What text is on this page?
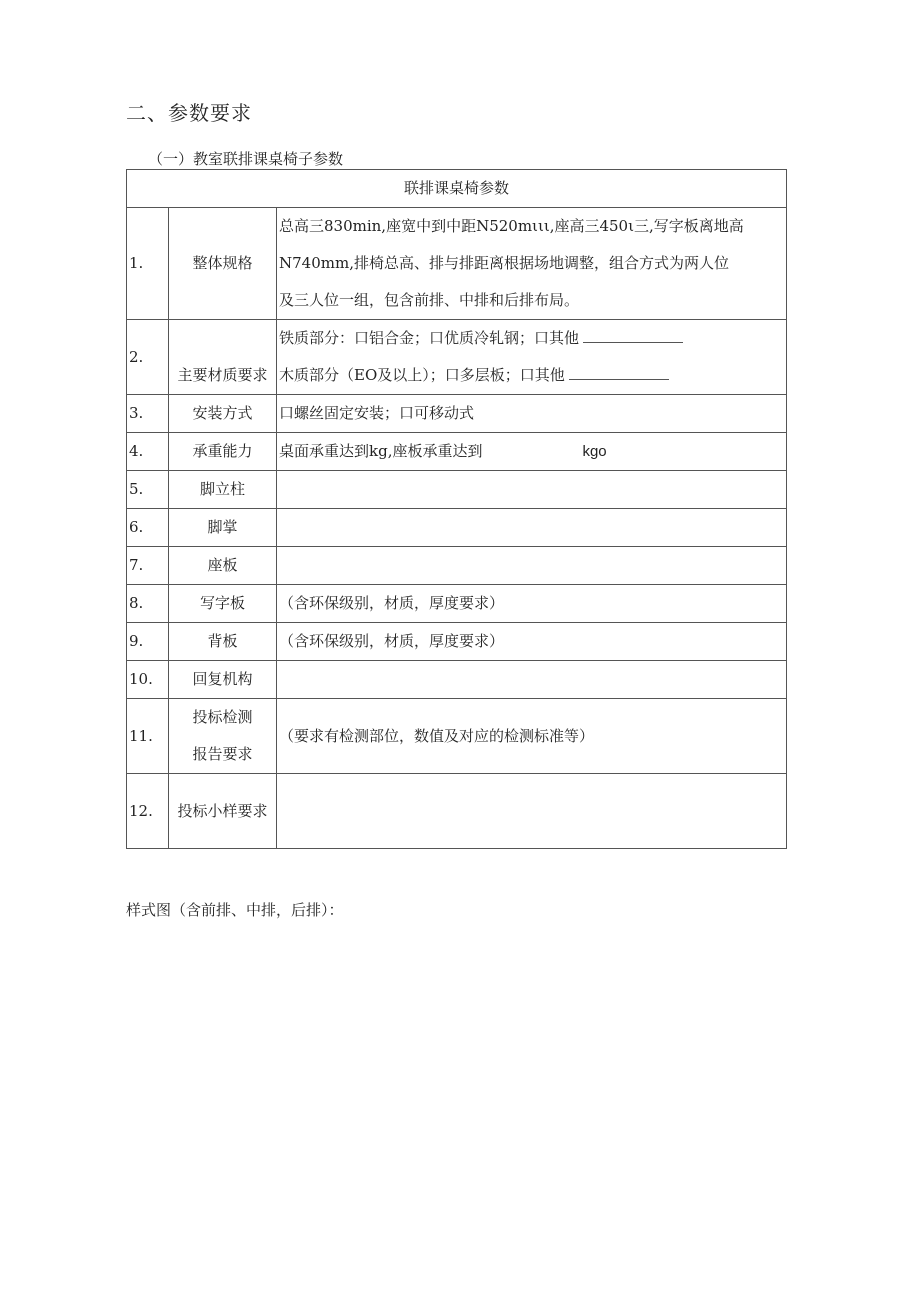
二、参数要求
（一）教室联排课桌椅子参数
联排课桌椅参数		
1.	整体规格	总高三830min,座宽中到中距N520mιιι,座高三450ι三,写字板离地高
N740mm,排椅总高、排与排距离根据场地调整，组合方式为两人位
及三人位一组，包含前排、中排和后排布局。

2.	主要材质要求	铁质部分：口铝合金；口优质冷轧钢；口其他
木质部分（EO及以上）；口多层板；口其他

3.	安装方式	口螺丝固定安装；口可移动式
4.	承重能力	桌面承重达到kg,座板承重达到 kgo
5.	脚立柱	
6.	脚掌	
7.	座板	
8.	写字板	（含环保级别，材质，厚度要求）
9.	背板	（含环保级别，材质，厚度要求）
10.	回复机构	
11.	投标检测
报告要求	（要求有检测部位，数值及对应的检测标准等）
12.	投标小样要求	
样式图（含前排、中排，后排）：
